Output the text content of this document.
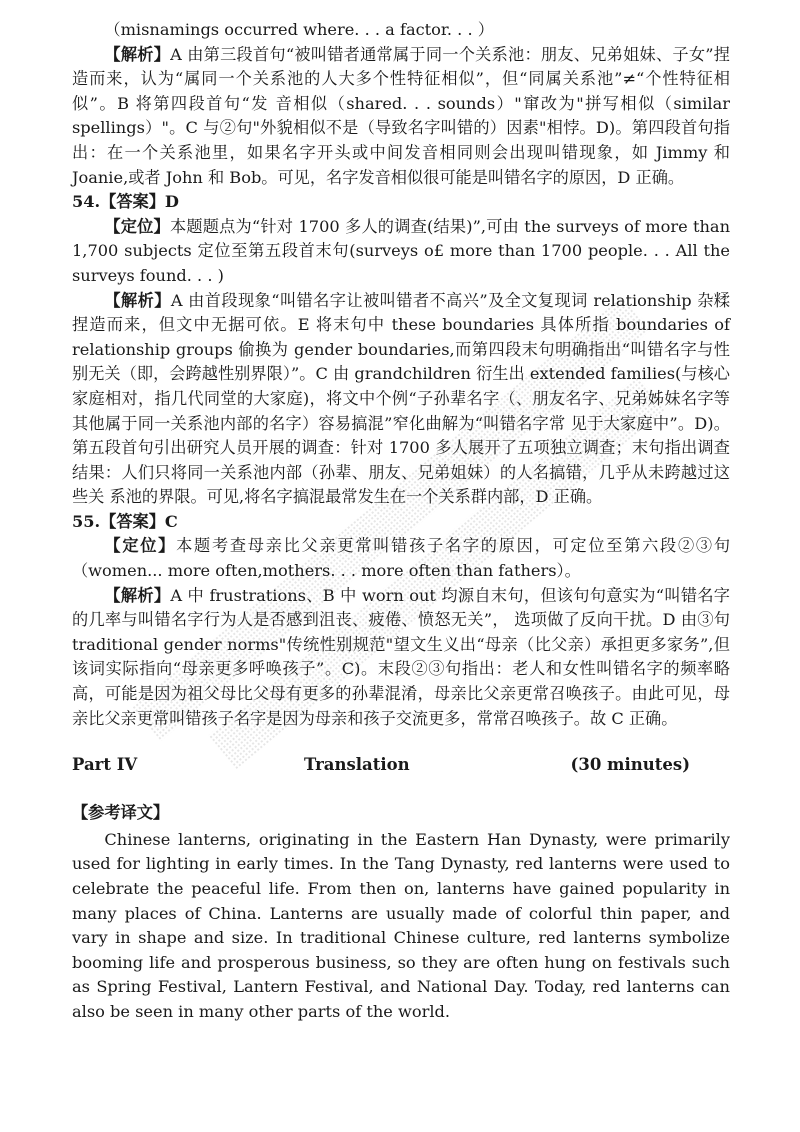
（misnamings occurred where. . . a factor. . . ）

【解析】A 由第三段首句“被叫错者通常属于同一个关系池：朋友、兄弟姐妹、子女”捏造而来，认为“属同一个关系池的人大多个性特征相似”，但“同属关系池”≠“个性特征相似”。B 将第四段首句“发 音相似（shared. . . sounds）"窜改为"拼写相似（similar spellings）"。C 与②句"外貌相似不是（导致名字叫错的）因素"相悖。D)。第四段首句指出：在一个关系池里，如果名字开头或中间发音相同则会出现叫错现象，如 Jimmy 和 Joanie,或者 John 和 Bob。可见，名字发音相似很可能是叫错名字的原因，D 正确。

54.【答案】D

【定位】本题题点为“针对 1700 多人的调查(结果)”,可由 the surveys of more than 1,700 subjects 定位至第五段首末句(surveys o£ more than 1700 people. . . All the surveys found. . . )

【解析】A 由首段现象“叫错名字让被叫错者不高兴”及全文复现词 relationship 杂糅捏造而来，但文中无据可依。E 将末句中 these boundaries 具体所指 boundaries of relationship groups 偷换为 gender boundaries,而第四段末句明确指出“叫错名字与性别无关（即，会跨越性别界限）”。C 由 grandchildren 衍生出 extended families(与核心家庭相对，指几代同堂的大家庭)，将文中个例“子孙辈名字（、朋友名字、兄弟姊妹名字等其他属于同一关系池内部的名字）容易搞混”窄化曲解为“叫错名字常 见于大家庭中”。D)。第五段首句引出研究人员开展的调查：针对 1700 多人展开了五项独立调查；末句指出调查结果：人们只将同一关系池内部（孙辈、朋友、兄弟姐妹）的人名搞错，几乎从未跨越过这些关 系池的界限。可见,将名字搞混最常发生在一个关系群内部，D 正确。

55.【答案】C

【定位】本题考查母亲比父亲更常叫错孩子名字的原因，可定位至第六段②③句（women... more often,mothers. . . more often than fathers）。

【解析】A 中 frustrations、B 中 worn out 均源自末句，但该句句意实为“叫错名字的几率与叫错名字行为人是否感到沮丧、疲倦、愤怒无关”， 选项做了反向干扰。D 由③句 traditional gender norms"传统性别规范"望文生义出“母亲（比父亲）承担更多家务”,但该词实际指向“母亲更多呼唤孩子”。C)。末段②③句指出：老人和女性叫错名字的频率略高，可能是因为祖父母比父母有更多的孙辈混淆，母亲比父亲更常召唤孩子。由此可见，母亲比父亲更常叫错孩子名字是因为母亲和孩子交流更多，常常召唤孩子。故 C 正确。

Part IV	Translation	(30 minutes)

【参考译文】

Chinese lanterns, originating in the Eastern Han Dynasty, were primarily used for lighting in early times. In the Tang Dynasty, red lanterns were used to celebrate the peaceful life. From then on, lanterns have gained popularity in many places of China. Lanterns are usually made of colorful thin paper, and vary in shape and size. In traditional Chinese culture, red lanterns symbolize booming life and prosperous business, so they are often hung on festivals such as Spring Festival, Lantern Festival, and National Day. Today, red lanterns can also be seen in many other parts of the world.
